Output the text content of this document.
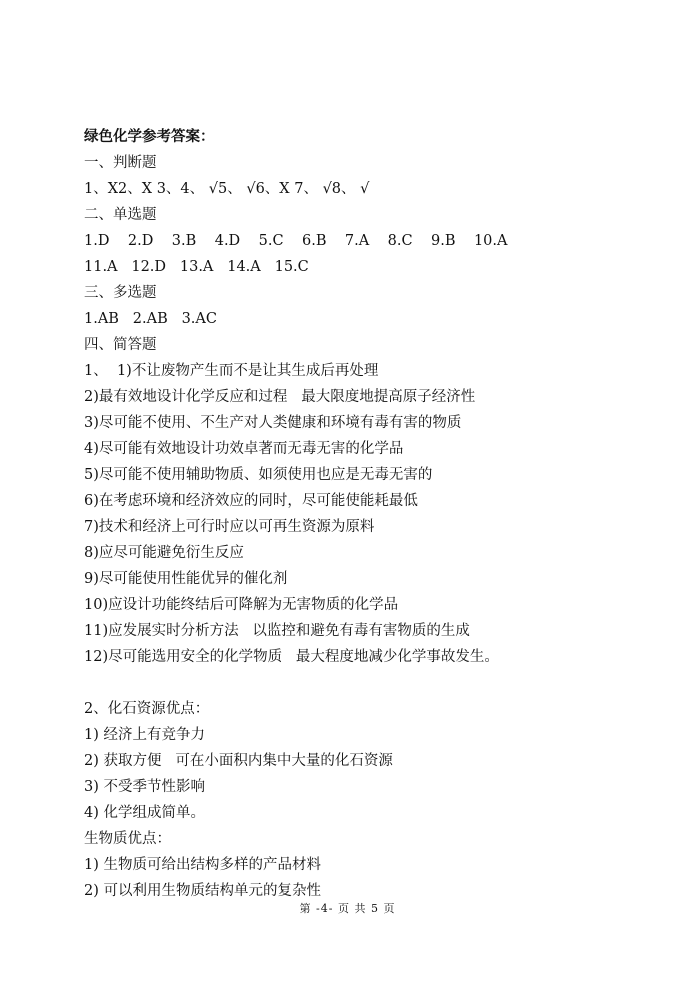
绿色化学参考答案：
一、判断题
1、X2、X 3、4、 √5、 √6、X 7、 √8、 √
二、单选题
1.D    2.D    3.B    4.D    5.C    6.B    7.A    8.C    9.B    10.A
11.A   12.D   13.A   14.A   15.C
三、多选题
1.AB   2.AB   3.AC
四、简答题
1、  1)不让废物产生而不是让其生成后再处理
2)最有效地设计化学反应和过程   最大限度地提高原子经济性
3)尽可能不使用、不生产对人类健康和环境有毒有害的物质
4)尽可能有效地设计功效卓著而无毒无害的化学品
5)尽可能不使用辅助物质、如须使用也应是无毒无害的
6)在考虑环境和经济效应的同时，尽可能使能耗最低
7)技术和经济上可行时应以可再生资源为原料
8)应尽可能避免衍生反应
9)尽可能使用性能优异的催化剂
10)应设计功能终结后可降解为无害物质的化学品
11)应发展实时分析方法   以监控和避免有毒有害物质的生成
12)尽可能选用安全的化学物质   最大程度地减少化学事故发生。
2、化石资源优点：
1) 经济上有竞争力
2) 获取方便   可在小面积内集中大量的化石资源
3) 不受季节性影响
4) 化学组成简单。
生物质优点：
1) 生物质可给出结构多样的产品材料
2) 可以利用生物质结构单元的复杂性
第 -4- 页 共 5 页
